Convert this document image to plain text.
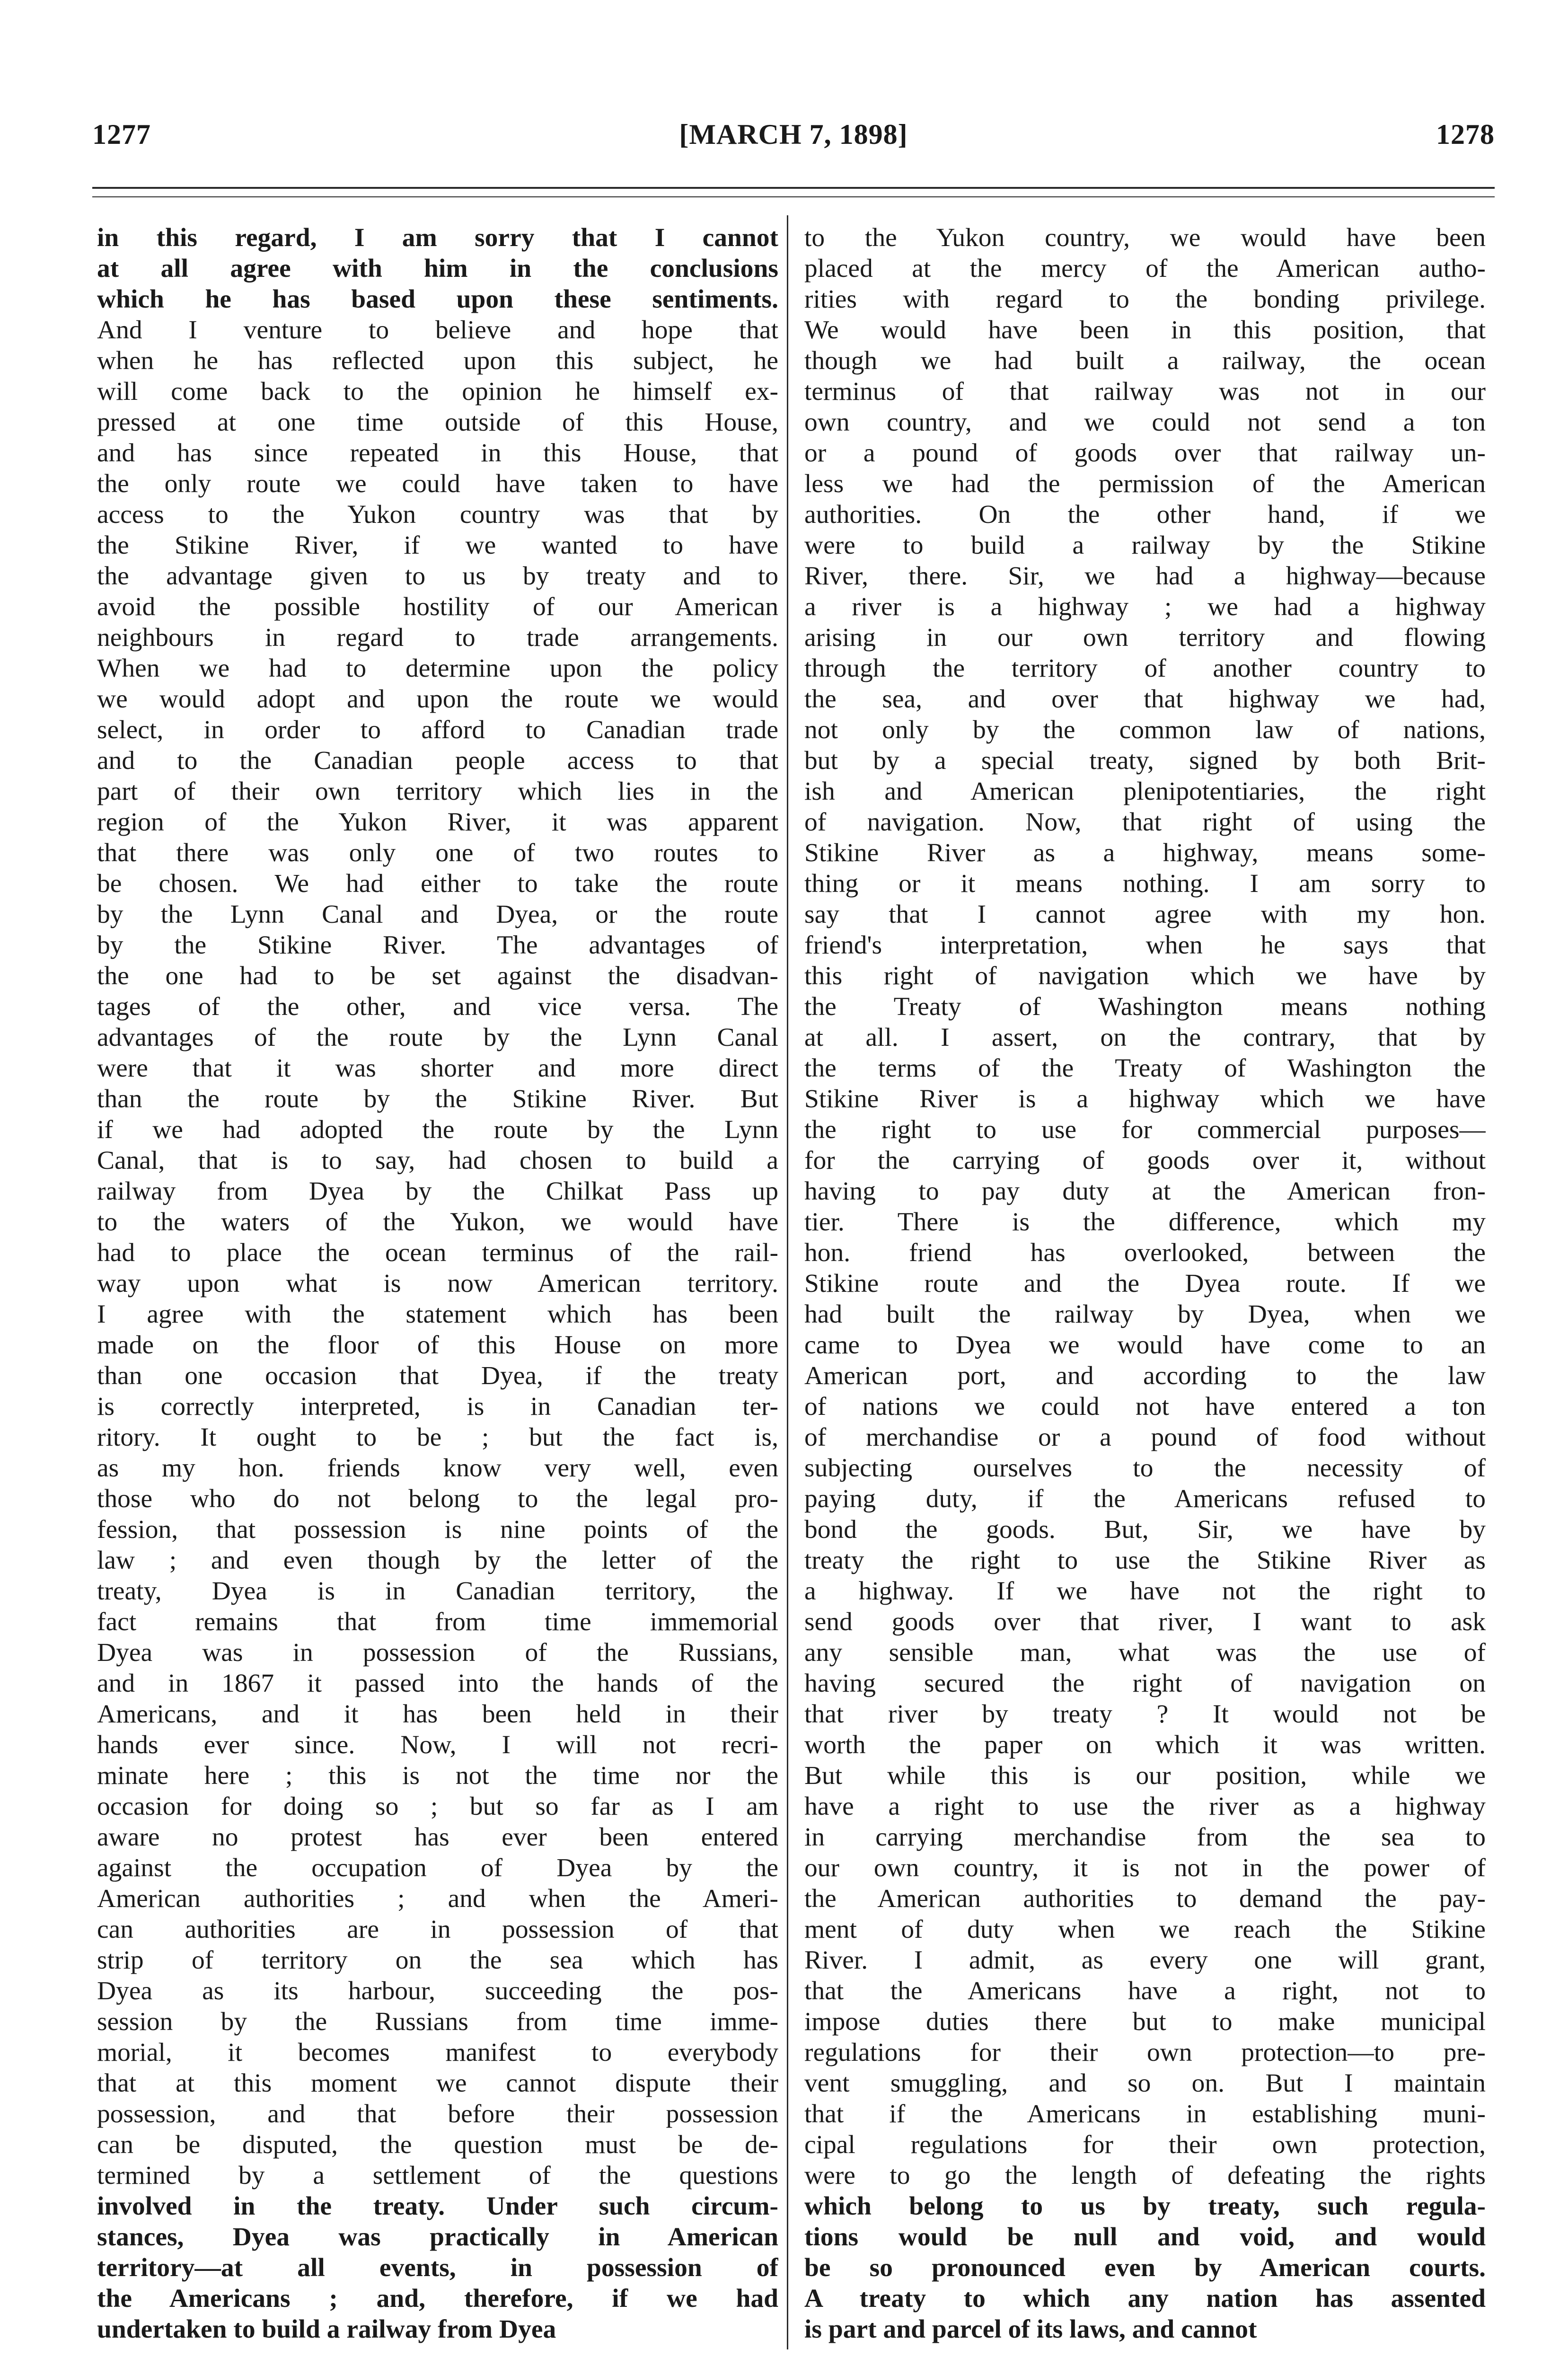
1277	[MARCH 7, 1898]	1278
in this regard, I am sorry that I cannot
at all agree with him in the conclusions
which he has based upon these sentiments.
And I venture to believe and hope that
when he has reflected upon this subject, he
will come back to the opinion he himself ex-
pressed at one time outside of this House,
and has since repeated in this House, that
the only route we could have taken to have
access to the Yukon country was that by
the Stikine River, if we wanted to have
the advantage given to us by treaty and to
avoid the possible hostility of our American
neighbours in regard to trade arrangements.
When we had to determine upon the policy
we would adopt and upon the route we would
select, in order to afford to Canadian trade
and to the Canadian people access to that
part of their own territory which lies in the
region of the Yukon River, it was apparent
that there was only one of two routes to
be chosen. We had either to take the route
by the Lynn Canal and Dyea, or the route
by the Stikine River. The advantages of
the one had to be set against the disadvan-
tages of the other, and vice versa. The
advantages of the route by the Lynn Canal
were that it was shorter and more direct
than the route by the Stikine River. But
if we had adopted the route by the Lynn
Canal, that is to say, had chosen to build a
railway from Dyea by the Chilkat Pass up
to the waters of the Yukon, we would have
had to place the ocean terminus of the rail-
way upon what is now American territory.
I agree with the statement which has been
made on the floor of this House on more
than one occasion that Dyea, if the treaty
is correctly interpreted, is in Canadian ter-
ritory. It ought to be ; but the fact is,
as my hon. friends know very well, even
those who do not belong to the legal pro-
fession, that possession is nine points of the
law ; and even though by the letter of the
treaty, Dyea is in Canadian territory, the
fact remains that from time immemorial
Dyea was in possession of the Russians,
and in 1867 it passed into the hands of the
Americans, and it has been held in their
hands ever since. Now, I will not recri-
minate here ; this is not the time nor the
occasion for doing so ; but so far as I am
aware no protest has ever been entered
against the occupation of Dyea by the
American authorities ; and when the Ameri-
can authorities are in possession of that
strip of territory on the sea which has
Dyea as its harbour, succeeding the pos-
session by the Russians from time imme-
morial, it becomes manifest to everybody
that at this moment we cannot dispute their
possession, and that before their possession
can be disputed, the question must be de-
termined by a settlement of the questions
involved in the treaty. Under such circum-
stances, Dyea was practically in American
territory—at all events, in possession of
the Americans ; and, therefore, if we had
undertaken to build a railway from Dyea
to the Yukon country, we would have been
placed at the mercy of the American autho-
rities with regard to the bonding privilege.
We would have been in this position, that
though we had built a railway, the ocean
terminus of that railway was not in our
own country, and we could not send a ton
or a pound of goods over that railway un-
less we had the permission of the American
authorities. On the other hand, if we
were to build a railway by the Stikine
River, there. Sir, we had a highway—because
a river is a highway ; we had a highway
arising in our own territory and flowing
through the territory of another country to
the sea, and over that highway we had,
not only by the common law of nations,
but by a special treaty, signed by both Brit-
ish and American plenipotentiaries, the right
of navigation. Now, that right of using the
Stikine River as a highway, means some-
thing or it means nothing. I am sorry to
say that I cannot agree with my hon.
friend's interpretation, when he says that
this right of navigation which we have by
the Treaty of Washington means nothing
at all. I assert, on the contrary, that by
the terms of the Treaty of Washington the
Stikine River is a highway which we have
the right to use for commercial purposes—
for the carrying of goods over it, without
having to pay duty at the American fron-
tier. There is the difference, which my
hon. friend has overlooked, between the
Stikine route and the Dyea route. If we
had built the railway by Dyea, when we
came to Dyea we would have come to an
American port, and according to the law
of nations we could not have entered a ton
of merchandise or a pound of food without
subjecting ourselves to the necessity of
paying duty, if the Americans refused to
bond the goods. But, Sir, we have by
treaty the right to use the Stikine River as
a highway. If we have not the right to
send goods over that river, I want to ask
any sensible man, what was the use of
having secured the right of navigation on
that river by treaty ? It would not be
worth the paper on which it was written.
But while this is our position, while we
have a right to use the river as a highway
in carrying merchandise from the sea to
our own country, it is not in the power of
the American authorities to demand the pay-
ment of duty when we reach the Stikine
River. I admit, as every one will grant,
that the Americans have a right, not to
impose duties there but to make municipal
regulations for their own protection—to pre-
vent smuggling, and so on. But I maintain
that if the Americans in establishing muni-
cipal regulations for their own protection,
were to go the length of defeating the rights
which belong to us by treaty, such regula-
tions would be null and void, and would
be so pronounced even by American courts.
A treaty to which any nation has assented
is part and parcel of its laws, and cannot
